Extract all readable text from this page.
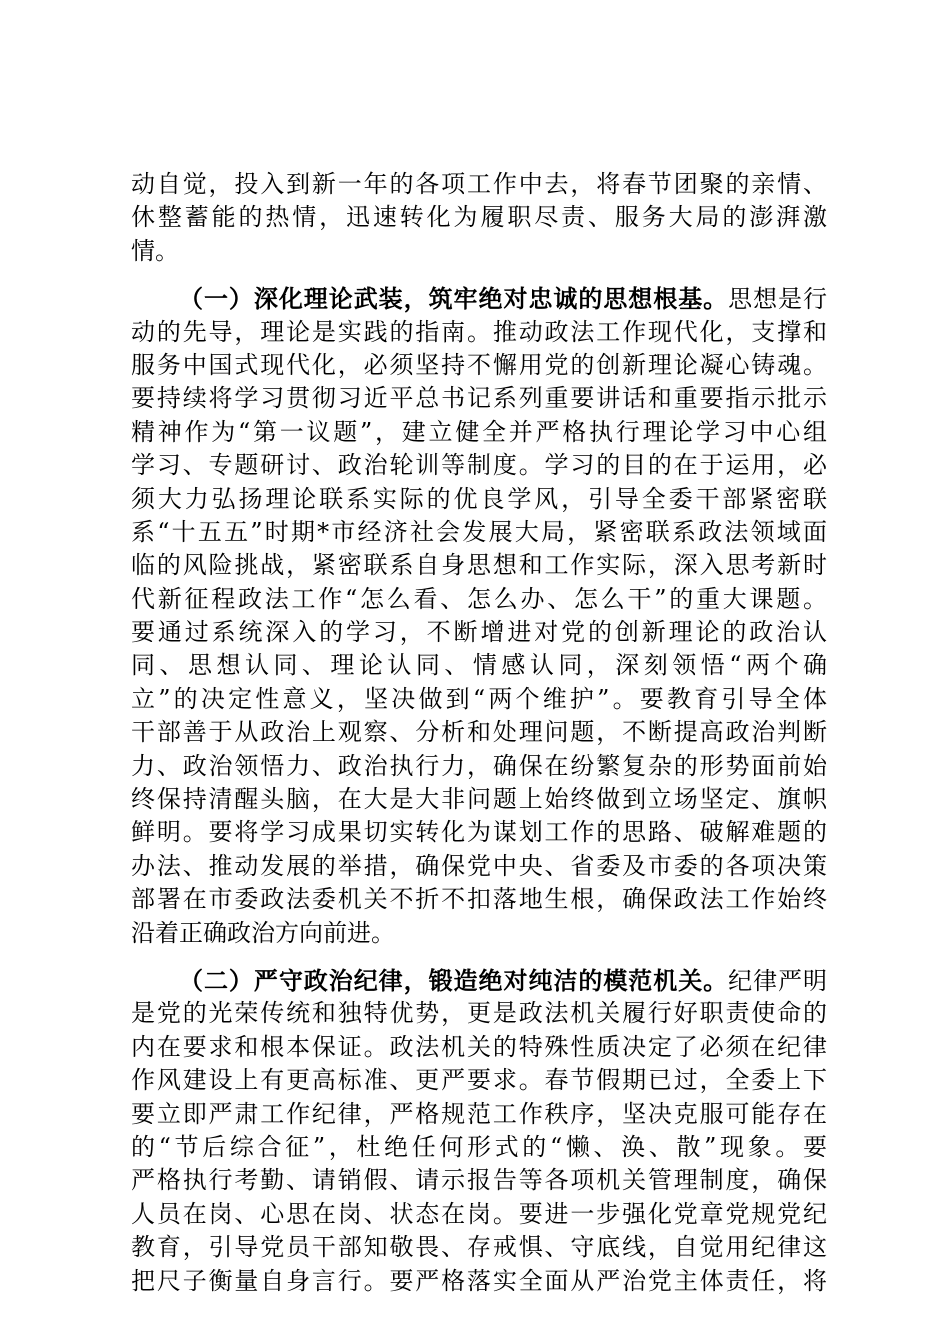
动自觉，投入到新一年的各项工作中去，将春节团聚的亲情、
休整蓄能的热情，迅速转化为履职尽责、服务大局的澎湃激
情。
（一）深化理论武装，筑牢绝对忠诚的思想根基。思想是行
动的先导，理论是实践的指南。推动政法工作现代化，支撑和
服务中国式现代化，必须坚持不懈用党的创新理论凝心铸魂。
要持续将学习贯彻习近平总书记系列重要讲话和重要指示批示
精神作为“第一议题”，建立健全并严格执行理论学习中心组
学习、专题研讨、政治轮训等制度。学习的目的在于运用，必
须大力弘扬理论联系实际的优良学风，引导全委干部紧密联
系“十五五”时期*市经济社会发展大局，紧密联系政法领域面
临的风险挑战，紧密联系自身思想和工作实际，深入思考新时
代新征程政法工作“怎么看、怎么办、怎么干”的重大课题。
要通过系统深入的学习，不断增进对党的创新理论的政治认
同、思想认同、理论认同、情感认同，深刻领悟“两个确
立”的决定性意义，坚决做到“两个维护”。要教育引导全体
干部善于从政治上观察、分析和处理问题，不断提高政治判断
力、政治领悟力、政治执行力，确保在纷繁复杂的形势面前始
终保持清醒头脑，在大是大非问题上始终做到立场坚定、旗帜
鲜明。要将学习成果切实转化为谋划工作的思路、破解难题的
办法、推动发展的举措，确保党中央、省委及市委的各项决策
部署在市委政法委机关不折不扣落地生根，确保政法工作始终
沿着正确政治方向前进。
（二）严守政治纪律，锻造绝对纯洁的模范机关。纪律严明
是党的光荣传统和独特优势，更是政法机关履行好职责使命的
内在要求和根本保证。政法机关的特殊性质决定了必须在纪律
作风建设上有更高标准、更严要求。春节假期已过，全委上下
要立即严肃工作纪律，严格规范工作秩序，坚决克服可能存在
的“节后综合征”，杜绝任何形式的“懒、涣、散”现象。要
严格执行考勤、请销假、请示报告等各项机关管理制度，确保
人员在岗、心思在岗、状态在岗。要进一步强化党章党规党纪
教育，引导党员干部知敬畏、存戒惧、守底线，自觉用纪律这
把尺子衡量自身言行。要严格落实全面从严治党主体责任，将
